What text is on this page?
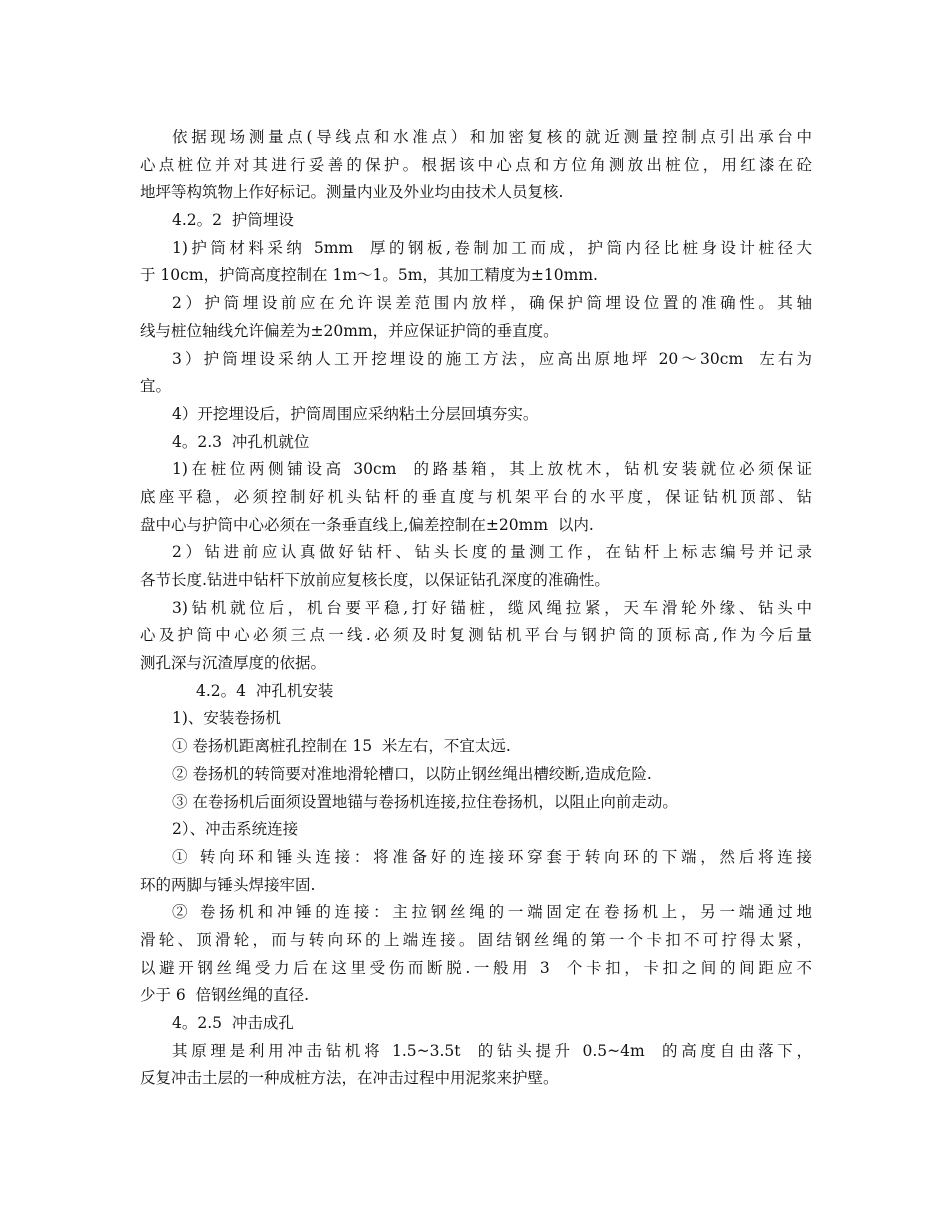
依据现场测量点(导线点和水准点）和加密复核的就近测量控制点引出承台中
心点桩位并对其进行妥善的保护。根据该中心点和方位角测放出桩位，用红漆在砼
地坪等构筑物上作好标记。测量内业及外业均由技术人员复核.
4.2。2  护筒埋设
1)护筒材料采纳 5mm  厚的钢板,卷制加工而成，护筒内径比桩身设计桩径大
于 10cm，护筒高度控制在 1m～1。5m，其加工精度为±10mm.
2）护筒埋设前应在允许误差范围内放样，确保护筒埋设位置的准确性。其轴
线与桩位轴线允许偏差为±20mm，并应保证护筒的垂直度。
3）护筒埋设采纳人工开挖埋设的施工方法，应高出原地坪 20～30cm  左右为
宜。
4）开挖埋设后，护筒周围应采纳粘土分层回填夯实。
4。2.3  冲孔机就位
1)在桩位两侧铺设高 30cm  的路基箱，其上放枕木，钻机安装就位必须保证
底座平稳，必须控制好机头钻杆的垂直度与机架平台的水平度，保证钻机顶部、钻
盘中心与护筒中心必须在一条垂直线上,偏差控制在±20mm  以内.
2）钻进前应认真做好钻杆、钻头长度的量测工作，在钻杆上标志编号并记录
各节长度.钻进中钻杆下放前应复核长度，以保证钻孔深度的准确性。
3)钻机就位后，机台要平稳,打好锚桩，缆风绳拉紧，天车滑轮外缘、钻头中
心及护筒中心必须三点一线.必须及时复测钻机平台与钢护筒的顶标高,作为今后量
测孔深与沉渣厚度的依据。
4.2。4  冲孔机安装
1)、安装卷扬机
① 卷扬机距离桩孔控制在 15  米左右，不宜太远.
② 卷扬机的转筒要对准地滑轮槽口，以防止钢丝绳出槽绞断,造成危险.
③ 在卷扬机后面须设置地锚与卷扬机连接,拉住卷扬机，以阻止向前走动。
2）、冲击系统连接
① 转向环和锤头连接：将准备好的连接环穿套于转向环的下端，然后将连接
环的两脚与锤头焊接牢固.
② 卷扬机和冲锤的连接：主拉钢丝绳的一端固定在卷扬机上，另一端通过地
滑轮、顶滑轮，而与转向环的上端连接。固结钢丝绳的第一个卡扣不可拧得太紧，
以避开钢丝绳受力后在这里受伤而断脱.一般用 3  个卡扣，卡扣之间的间距应不
少于 6  倍钢丝绳的直径.
4。2.5  冲击成孔
其原理是利用冲击钻机将 1.5~3.5t  的钻头提升 0.5~4m  的高度自由落下，
反复冲击土层的一种成桩方法，在冲击过程中用泥浆来护壁。
